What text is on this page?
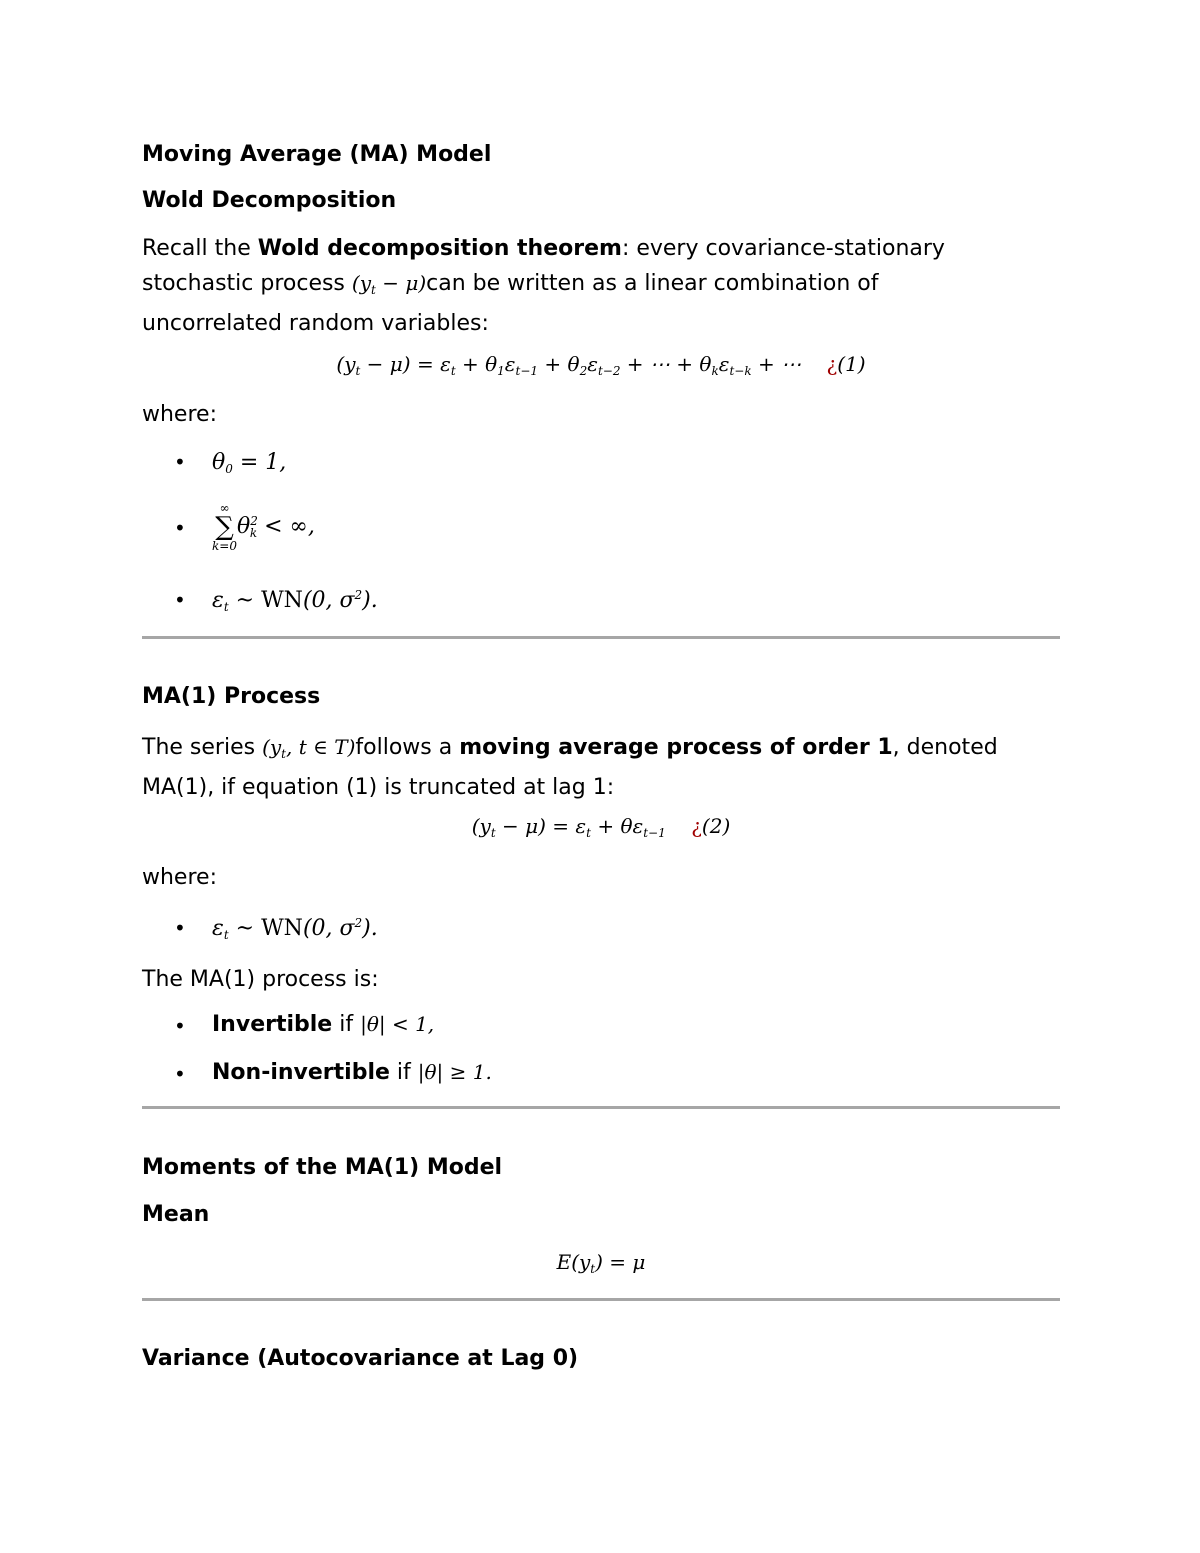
Moving Average (MA) Model
Wold Decomposition
Recall the Wold decomposition theorem: every covariance-stationary
stochastic process $(y_t - \mu)can$ be written as a linear combination of
uncorrelated random variables:
$(y_t - \mu) = \varepsilon_t + \theta_1\varepsilon_{t-1} + \theta_2\varepsilon_{t-2}$ + ⋯ + $\theta_k\varepsilon_{t-k}$ + ⋯    ¿(1)
where:
• $\theta_0 = 1$,
•
∞
∑
k=0
$\theta^2_k$ < ∞,
• $\varepsilon_t$ ~ WN(0, $\sigma^2$).
MA(1) Process
The series ($y_t$, t ∈ T)follows a moving average process of order 1, denoted
MA(1), if equation (1) is truncated at lag 1:
$(y_t - \mu) = \varepsilon_t + \theta\varepsilon_{t-1}$ ¿(2)
where:
• $\varepsilon_t$ ~ WN(0, $\sigma^2$).
The MA(1) process is:
• Invertible if |θ| < 1,
• Non-invertible if |θ| ≥ 1.
Moments of the MA(1) Model
Mean
$E(y_t) = \mu$
Variance (Autocovariance at Lag 0)
